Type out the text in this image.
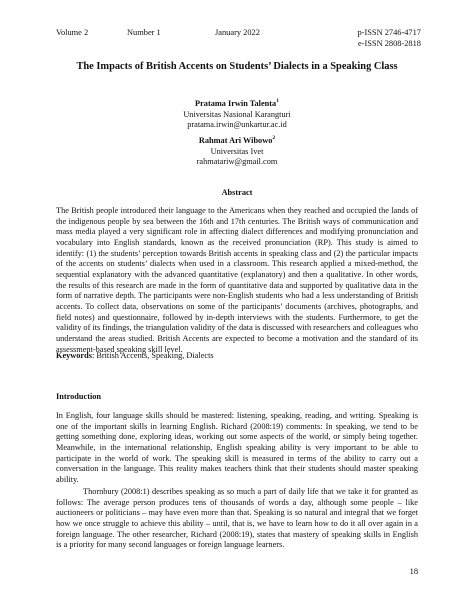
Volume 2	Number 1	January 2022	p-ISSN 2746-4717
e-ISSN 2808-2818
The Impacts of British Accents on Students’ Dialects in a Speaking Class
Pratama Irwin Talenta$^1$
Universitas Nasional Karangturi
pratama.irwin@unkartur.ac.id
Rahmat Ari Wibowo$^2$
Universitas Ivet
rahmatariw@gmail.com
Abstract
The British people introduced their language to the Americans when they reached and occupied the lands of the indigenous people by sea between the 16th and 17th centuries. The British ways of communication and mass media played a very significant role in affecting dialect differences and modifying pronunciation and vocabulary into English standards, known as the received pronunciation (RP). This study is aimed to identify: (1) the students’ perception towards British accents in speaking class and (2) the particular impacts of the accents on students’ dialects when used in a classroom. This research applied a mixed-method, the sequential explanatory with the advanced quantitative (explanatory) and then a qualitative. In other words, the results of this research are made in the form of quantitative data and supported by qualitative data in the form of narrative depth. The participants were non-English students who had a less understanding of British accents. To collect data, observations on some of the participants’ documents (archives, photographs, and field notes) and questionnaire, followed by in-depth interviews with the students. Furthermore, to get the validity of its findings, the triangulation validity of the data is discussed with researchers and colleagues who understand the areas studied. British Accents are expected to become a motivation and the standard of its assessment-based speaking skill level.
Keywords: British Accents, Speaking, Dialects
Introduction
In English, four language skills should be mastered: listening, speaking, reading, and writing. Speaking is one of the important skills in learning English. Richard (2008:19) comments: In speaking, we tend to be getting something done, exploring ideas, working out some aspects of the world, or simply being together. Meanwhile, in the international relationship, English speaking ability is very important to be able to participate in the world of work. The speaking skill is measured in terms of the ability to carry out a conversation in the language. This reality makes teachers think that their students should master speaking ability.
Thornbury (2008:1) describes speaking as so much a part of daily life that we take it for granted as follows: The average person produces tens of thousands of words a day, although some people – like auctioneers or politicians – may have even more than that. Speaking is so natural and integral that we forget how we once struggle to achieve this ability – until, that is, we have to learn how to do it all over again in a foreign language. The other researcher, Richard (2008:19), states that mastery of speaking skills in English is a priority for many second languages or foreign language learners.
18
